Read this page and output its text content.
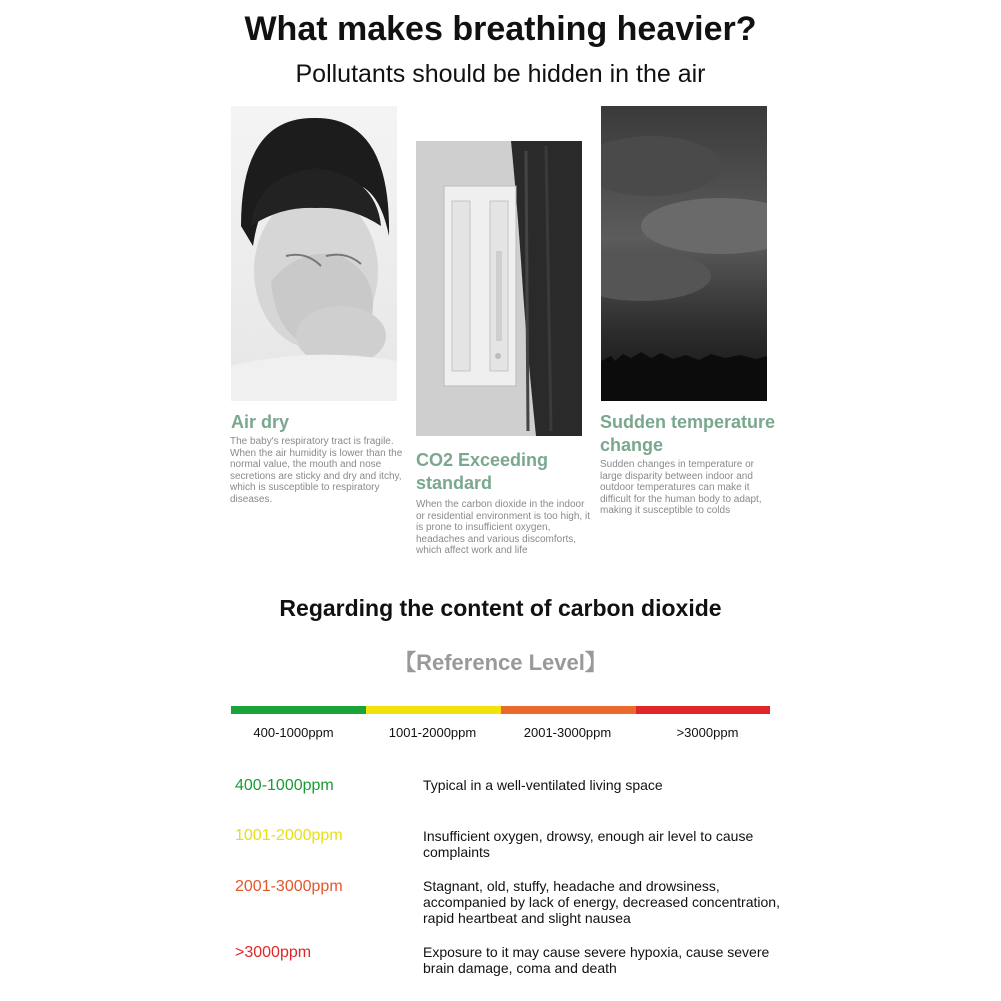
What makes breathing heavier?
Pollutants should be hidden in the air
Air dry
The baby's respiratory tract is fragile. When the air humidity is lower than the normal value, the mouth and nose secretions are sticky and dry and itchy, which is susceptible to respiratory diseases.
CO2 Exceeding standard
When the carbon dioxide in the indoor or residential environment is too high, it is prone to insufficient oxygen, headaches and various discomforts, which affect work and life
Sudden temperature change
Sudden changes in temperature or large disparity between indoor and outdoor temperatures can make it difficult for the human body to adapt, making it susceptible to colds
Regarding the content of carbon dioxide
【Reference Level】
400-1000ppm	1001-2000ppm	2001-3000ppm	>3000ppm
400-1000ppm	Typical in a well-ventilated living space
1001-2000ppm	Insufficient oxygen, drowsy, enough air level to cause complaints
2001-3000ppm	Stagnant, old, stuffy, headache and drowsiness, accompanied by lack of energy, decreased concentration, rapid heartbeat and slight nausea
>3000ppm	Exposure to it may cause severe hypoxia, cause severe brain damage, coma and death
